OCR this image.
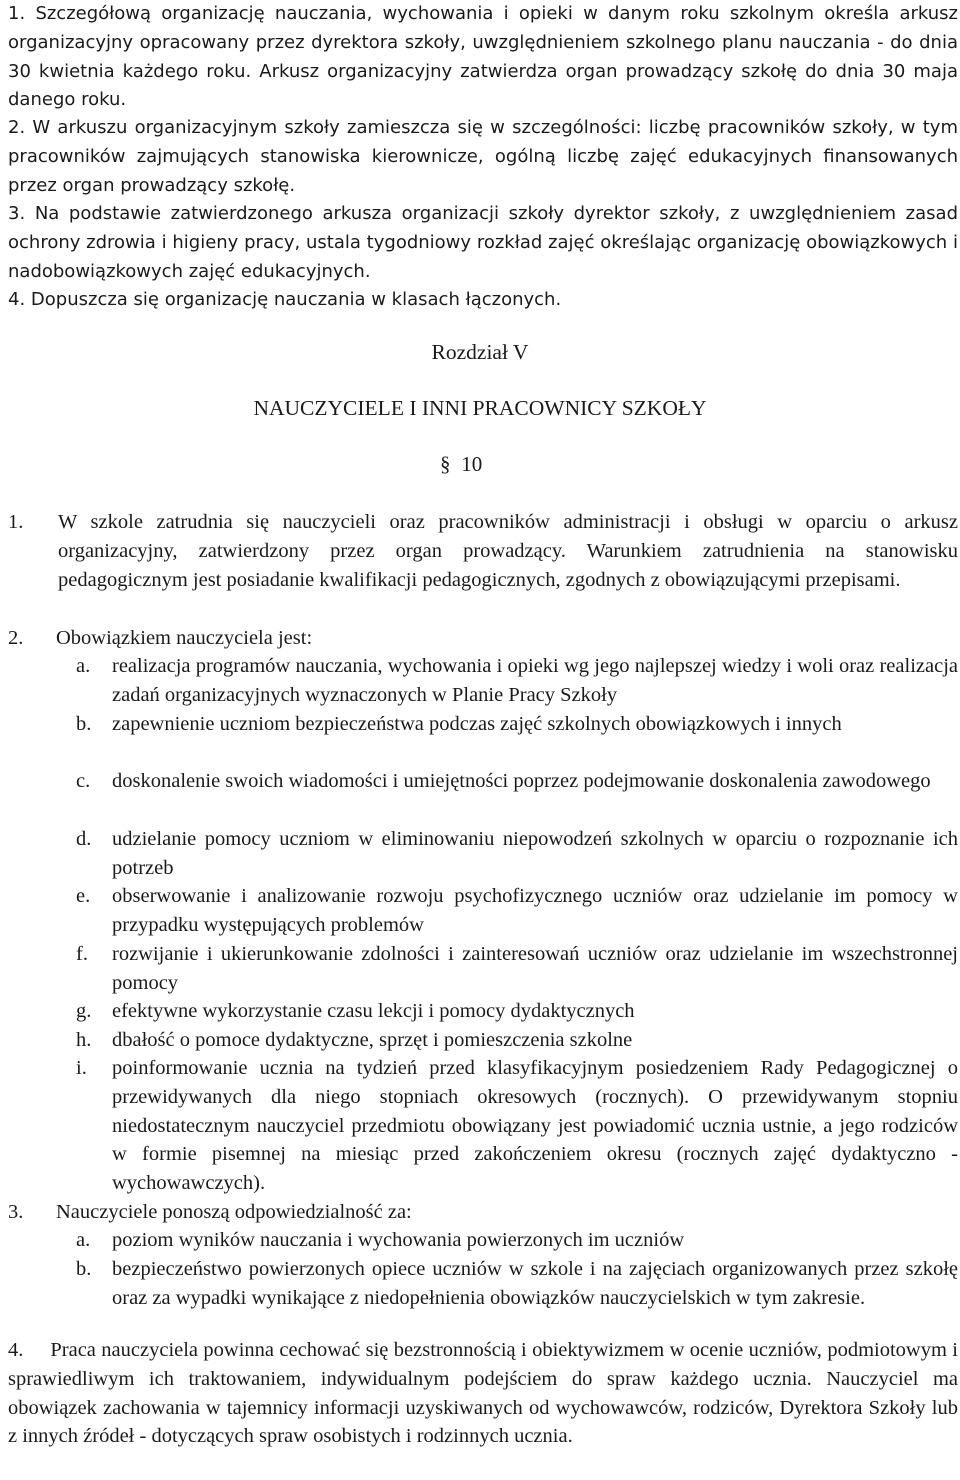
1. Szczegółową organizację nauczania, wychowania i opieki w danym roku szkolnym określa arkusz organizacyjny opracowany przez dyrektora szkoły, uwzględnieniem szkolnego planu nauczania - do dnia 30 kwietnia każdego roku. Arkusz organizacyjny zatwierdza organ prowadzący szkołę do dnia 30 maja danego roku.
2. W arkuszu organizacyjnym szkoły zamieszcza się w szczególności: liczbę pracowników szkoły, w tym pracowników zajmujących stanowiska kierownicze, ogólną liczbę zajęć edukacyjnych finansowanych przez organ prowadzący szkołę.
3. Na podstawie zatwierdzonego arkusza organizacji szkoły dyrektor szkoły, z uwzględnieniem zasad ochrony zdrowia i higieny pracy, ustala tygodniowy rozkład zajęć określając organizację obowiązkowych i nadobowiązkowych zajęć edukacyjnych.
4. Dopuszcza się organizację nauczania w klasach łączonych.
Rozdział V
NAUCZYCIELE I INNI PRACOWNICY SZKOŁY
§ 10
1. W szkole zatrudnia się nauczycieli oraz pracowników administracji i obsługi w oparciu o arkusz organizacyjny, zatwierdzony przez organ prowadzący. Warunkiem zatrudnienia na stanowisku pedagogicznym jest posiadanie kwalifikacji pedagogicznych, zgodnych z obowiązującymi przepisami.
2. Obowiązkiem nauczyciela jest:
a. realizacja programów nauczania, wychowania i opieki wg jego najlepszej wiedzy i woli oraz realizacja zadań organizacyjnych wyznaczonych w Planie Pracy Szkoły
b. zapewnienie uczniom bezpieczeństwa podczas zajęć szkolnych obowiązkowych i innych
c. doskonalenie swoich wiadomości i umiejętności poprzez podejmowanie doskonalenia zawodowego
d. udzielanie pomocy uczniom w eliminowaniu niepowodzeń szkolnych w oparciu o rozpoznanie ich potrzeb
e. obserwowanie i analizowanie rozwoju psychofizycznego uczniów oraz udzielanie im pomocy w przypadku występujących problemów
f. rozwijanie i ukierunkowanie zdolności i zainteresowań uczniów oraz udzielanie im wszechstronnej pomocy
g. efektywne wykorzystanie czasu lekcji i pomocy dydaktycznych
h. dbałość o pomoce dydaktyczne, sprzęt i pomieszczenia szkolne
i. poinformowanie ucznia na tydzień przed klasyfikacyjnym posiedzeniem Rady Pedagogicznej o przewidywanych dla niego stopniach okresowych (rocznych). O przewidywanym stopniu niedostatecznym nauczyciel przedmiotu obowiązany jest powiadomić ucznia ustnie, a jego rodziców w formie pisemnej na miesiąc przed zakończeniem okresu (rocznych zajęć dydaktyczno - wychowawczych).
3. Nauczyciele ponoszą odpowiedzialność za:
a. poziom wyników nauczania i wychowania powierzonych im uczniów
b. bezpieczeństwo powierzonych opiece uczniów w szkole i na zajęciach organizowanych przez szkołę oraz za wypadki wynikające z niedopełnienia obowiązków nauczycielskich w tym zakresie.
4. Praca nauczyciela powinna cechować się bezstronnością i obiektywizmem w ocenie uczniów, podmiotowym i sprawiedliwym ich traktowaniem, indywidualnym podejściem do spraw każdego ucznia. Nauczyciel ma obowiązek zachowania w tajemnicy informacji uzyskiwanych od wychowawców, rodziców, Dyrektora Szkoły lub z innych źródeł - dotyczących spraw osobistych i rodzinnych ucznia.
